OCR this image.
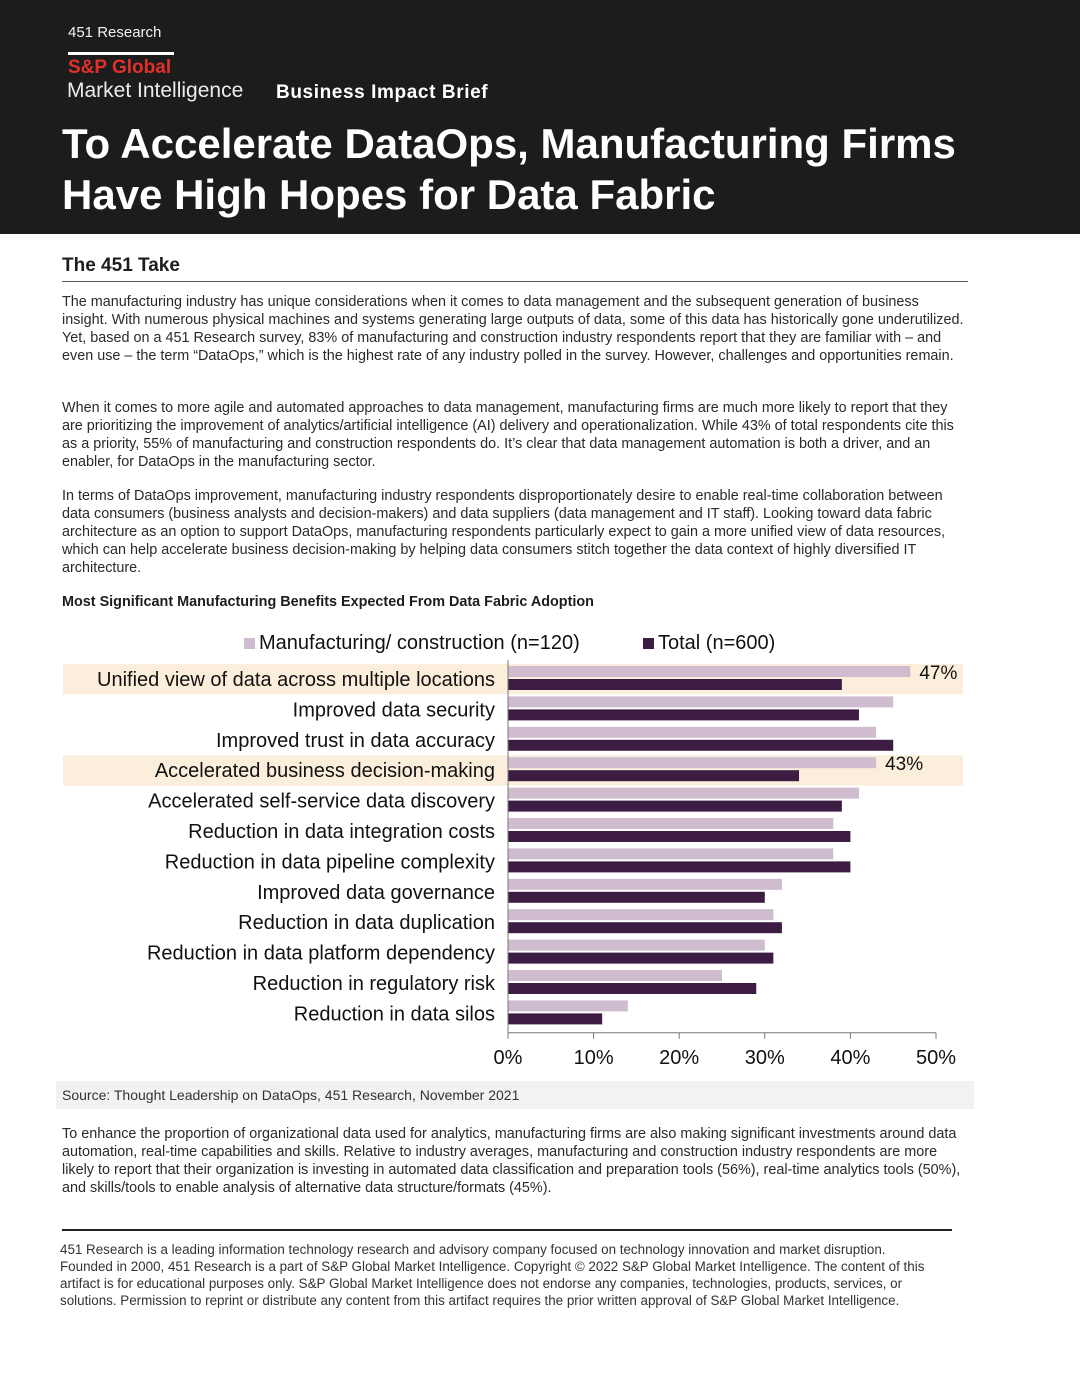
451 Research
S&P Global
Market Intelligence Business Impact Brief
To Accelerate DataOps, Manufacturing Firms Have High Hopes for Data Fabric
The 451 Take

The manufacturing industry has unique considerations when it comes to data management and the subsequent generation of business insight. With numerous physical machines and systems generating large outputs of data, some of this data has historically gone underutilized. Yet, based on a 451 Research survey, 83% of manufacturing and construction industry respondents report that they are familiar with – and even use – the term “DataOps,” which is the highest rate of any industry polled in the survey. However, challenges and opportunities remain.

When it comes to more agile and automated approaches to data management, manufacturing firms are much more likely to report that they are prioritizing the improvement of analytics/artificial intelligence (AI) delivery and operationalization. While 43% of total respondents cite this as a priority, 55% of manufacturing and construction respondents do. It’s clear that data management automation is both a driver, and an enabler, for DataOps in the manufacturing sector.

In terms of DataOps improvement, manufacturing industry respondents disproportionately desire to enable real-time collaboration between data consumers (business analysts and decision-makers) and data suppliers (data management and IT staff). Looking toward data fabric architecture as an option to support DataOps, manufacturing respondents particularly expect to gain a more unified view of data resources, which can help accelerate business decision-making by helping data consumers stitch together the data context of highly diversified IT architecture.

Most Significant Manufacturing Benefits Expected From Data Fabric Adoption
Manufacturing/ construction (n=120)	Total (n=600)
Unified view of data across multiple locations
Improved data security
Improved trust in data accuracy
Accelerated business decision-making
Accelerated self-service data discovery
Reduction in data integration costs
Reduction in data pipeline complexity
Improved data governance
Reduction in data duplication
Reduction in data platform dependency
Reduction in regulatory risk
Reduction in data silos
47%
43%
0%	10% 20% 30% 40% 50%
Source: Thought Leadership on DataOps, 451 Research, November 2021

To enhance the proportion of organizational data used for analytics, manufacturing firms are also making significant investments around data automation, real-time capabilities and skills. Relative to industry averages, manufacturing and construction industry respondents are more likely to report that their organization is investing in automated data classification and preparation tools (56%), real-time analytics tools (50%), and skills/tools to enable analysis of alternative data structure/formats (45%).

451 Research is a leading information technology research and advisory company focused on technology innovation and market disruption. Founded in 2000, 451 Research is a part of S&P Global Market Intelligence. Copyright © 2022 S&P Global Market Intelligence. The content of this artifact is for educational purposes only. S&P Global Market Intelligence does not endorse any companies, technologies, products, services, or solutions. Permission to reprint or distribute any content from this artifact requires the prior written approval of S&P Global Market Intelligence.
